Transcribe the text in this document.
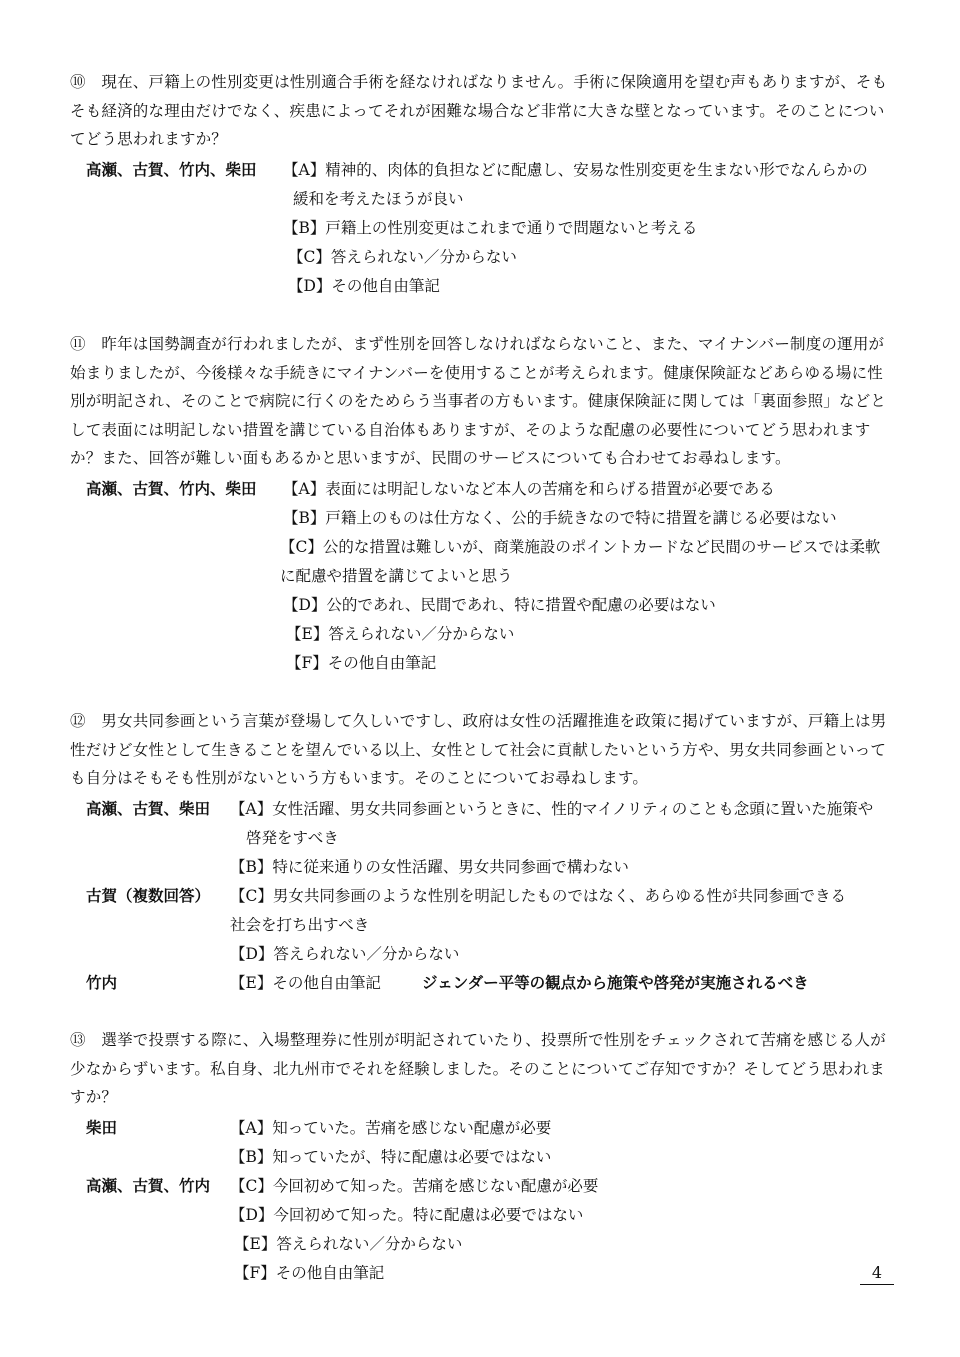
⑩　現在、戸籍上の性別変更は性別適合手術を経なければなりません。手術に保険適用を望む声もありますが、そもそも経済的な理由だけでなく、疾患によってそれが困難な場合など非常に大きな壁となっています。そのことについてどう思われますか？
高瀬、古賀、竹内、柴田 【A】精神的、肉体的負担などに配慮し、安易な性別変更を生まない形でなんらかの
緩和を考えたほうが良い
【B】戸籍上の性別変更はこれまで通りで問題ないと考える
【C】答えられない／分からない
【D】その他自由筆記
⑪　昨年は国勢調査が行われましたが、まず性別を回答しなければならないこと、また、マイナンバー制度の運用が始まりましたが、今後様々な手続きにマイナンバーを使用することが考えられます。健康保険証などあらゆる場に性別が明記され、そのことで病院に行くのをためらう当事者の方もいます。健康保険証に関しては「裏面参照」などとして表面には明記しない措置を講じている自治体もありますが、そのような配慮の必要性についてどう思われますか？また、回答が難しい面もあるかと思いますが、民間のサービスについても合わせてお尋ねします。
高瀬、古賀、竹内、柴田 【A】表面には明記しないなど本人の苦痛を和らげる措置が必要である
【B】戸籍上のものは仕方なく、公的手続きなので特に措置を講じる必要はない
【C】公的な措置は難しいが、商業施設のポイントカードなど民間のサービスでは柔軟
に配慮や措置を講じてよいと思う
【D】公的であれ、民間であれ、特に措置や配慮の必要はない
【E】答えられない／分からない
【F】その他自由筆記
⑫　男女共同参画という言葉が登場して久しいですし、政府は女性の活躍推進を政策に掲げていますが、戸籍上は男性だけど女性として生きることを望んでいる以上、女性として社会に貢献したいという方や、男女共同参画といっても自分はそもそも性別がないという方もいます。そのことについてお尋ねします。
高瀬、古賀、柴田 【A】女性活躍、男女共同参画というときに、性的マイノリティのことも念頭に置いた施策や
啓発をすべき
【B】特に従来通りの女性活躍、男女共同参画で構わない
古賀（複数回答） 【C】男女共同参画のような性別を明記したものではなく、あらゆる性が共同参画できる
社会を打ち出すべき
【D】答えられない／分からない
竹内	【E】その他自由筆記	ジェンダー平等の観点から施策や啓発が実施されるべき
⑬　選挙で投票する際に、入場整理券に性別が明記されていたり、投票所で性別をチェックされて苦痛を感じる人が少なからずいます。私自身、北九州市でそれを経験しました。そのことについてご存知ですか？そしてどう思われますか？
柴田	【A】知っていた。苦痛を感じない配慮が必要
【B】知っていたが、特に配慮は必要ではない
高瀬、古賀、竹内 【C】今回初めて知った。苦痛を感じない配慮が必要
【D】今回初めて知った。特に配慮は必要ではない
【E】答えられない／分からない
【F】その他自由筆記	4
